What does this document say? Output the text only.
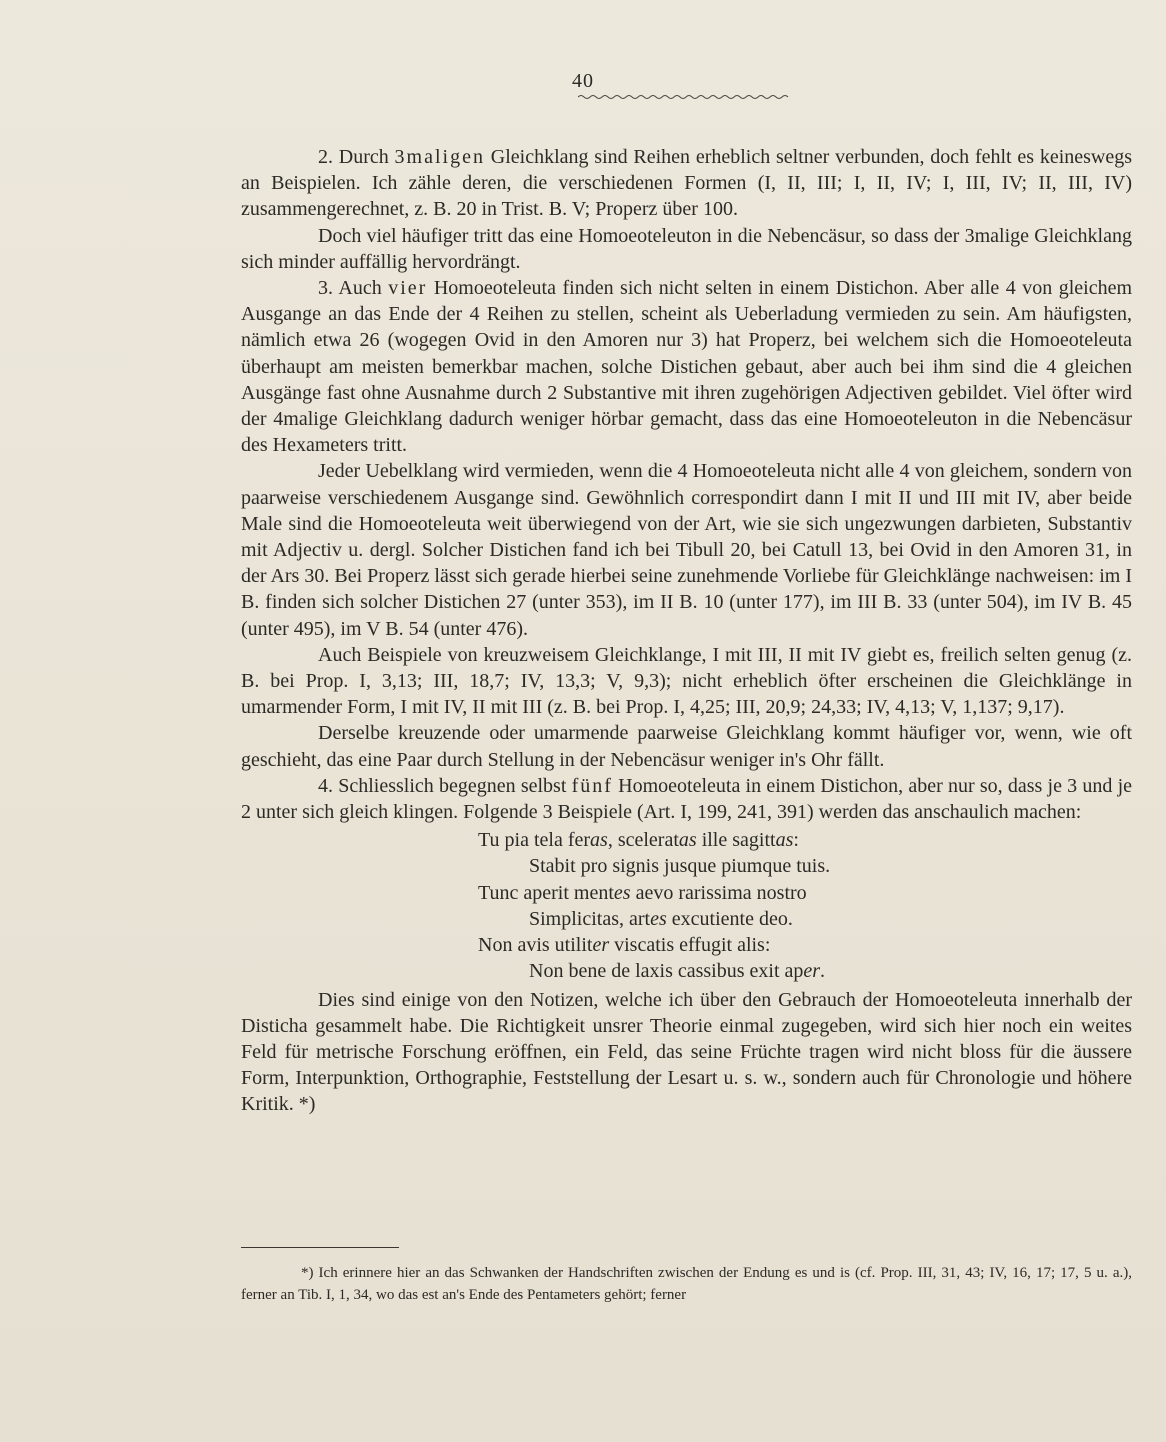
40

2. Durch 3maligen Gleichklang sind Reihen erheblich seltner verbunden, doch fehlt es keineswegs an Beispielen. Ich zähle deren, die verschiedenen Formen (I, II, III; I, II, IV; I, III, IV; II, III, IV) zusammengerechnet, z. B. 20 in Trist. B. V; Properz über 100.

Doch viel häufiger tritt das eine Homoeoteleuton in die Nebencäsur, so dass der 3malige Gleichklang sich minder auffällig hervordrängt.

3. Auch vier Homoeoteleuta finden sich nicht selten in einem Distichon. Aber alle 4 von gleichem Ausgange an das Ende der 4 Reihen zu stellen, scheint als Ueberladung vermieden zu sein. Am häufigsten, nämlich etwa 26 (wogegen Ovid in den Amoren nur 3) hat Properz, bei welchem sich die Homoeoteleuta überhaupt am meisten bemerkbar machen, solche Distichen gebaut, aber auch bei ihm sind die 4 gleichen Ausgänge fast ohne Ausnahme durch 2 Substantive mit ihren zugehörigen Adjectiven gebildet. Viel öfter wird der 4malige Gleichklang dadurch weniger hörbar gemacht, dass das eine Homoeoteleuton in die Nebencäsur des Hexameters tritt.

Jeder Uebelklang wird vermieden, wenn die 4 Homoeoteleuta nicht alle 4 von gleichem, sondern von paarweise verschiedenem Ausgange sind. Gewöhnlich correspondirt dann I mit II und III mit IV, aber beide Male sind die Homoeoteleuta weit überwiegend von der Art, wie sie sich ungezwungen darbieten, Substantiv mit Adjectiv u. dergl. Solcher Distichen fand ich bei Tibull 20, bei Catull 13, bei Ovid in den Amoren 31, in der Ars 30. Bei Properz lässt sich gerade hierbei seine zunehmende Vorliebe für Gleichklänge nachweisen: im I B. finden sich solcher Distichen 27 (unter 353), im II B. 10 (unter 177), im III B. 33 (unter 504), im IV B. 45 (unter 495), im V B. 54 (unter 476).

Auch Beispiele von kreuzweisem Gleichklange, I mit III, II mit IV giebt es, freilich selten genug (z. B. bei Prop. I, 3,13; III, 18,7; IV, 13,3; V, 9,3); nicht erheblich öfter erscheinen die Gleichklänge in umarmender Form, I mit IV, II mit III (z. B. bei Prop. I, 4,25; III, 20,9; 24,33; IV, 4,13; V, 1,137; 9,17).

Derselbe kreuzende oder umarmende paarweise Gleichklang kommt häufiger vor, wenn, wie oft geschieht, das eine Paar durch Stellung in der Nebencäsur weniger in's Ohr fällt.

4. Schliesslich begegnen selbst fünf Homoeoteleuta in einem Distichon, aber nur so, dass je 3 und je 2 unter sich gleich klingen. Folgende 3 Beispiele (Art. I, 199, 241, 391) werden das anschaulich machen:

Tu pia tela feras, sceleratas ille sagittas:
Stabit pro signis jusque piumque tuis.
Tunc aperit mentes aevo rarissima nostro
Simplicitas, artes excutiente deo.
Non avis utiliter viscatis effugit alis:
Non bene de laxis cassibus exit aper.

Dies sind einige von den Notizen, welche ich über den Gebrauch der Homoeoteleuta innerhalb der Disticha gesammelt habe. Die Richtigkeit unsrer Theorie einmal zugegeben, wird sich hier noch ein weites Feld für metrische Forschung eröffnen, ein Feld, das seine Früchte tragen wird nicht bloss für die äussere Form, Interpunktion, Orthographie, Feststellung der Lesart u. s. w., sondern auch für Chronologie und höhere Kritik. *)

*) Ich erinnere hier an das Schwanken der Handschriften zwischen der Endung es und is (cf. Prop. III, 31, 43; IV, 16, 17; 17, 5 u. a.), ferner an Tib. I, 1, 34, wo das est an's Ende des Pentameters gehört; ferner
